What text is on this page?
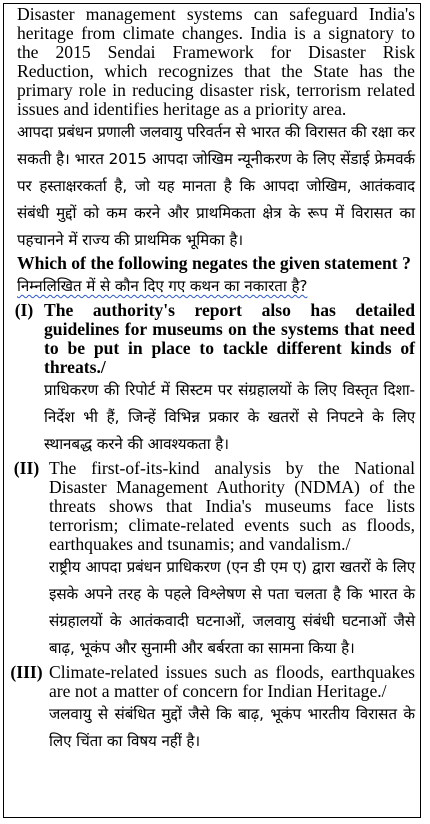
Disaster management systems can safeguard India's heritage from climate changes. India is a signatory to the 2015 Sendai Framework for Disaster Risk Reduction, which recognizes that the State has the primary role in reducing disaster risk, terrorism related issues and identifies heritage as a priority area.

आपदा प्रबंधन प्रणाली जलवायु परिवर्तन से भारत की विरासत की रक्षा कर सकती है। भारत 2015 आपदा जोखिम न्यूनीकरण के लिए सेंडाई फ्रेमवर्क पर हस्ताक्षरकर्ता है, जो यह मानता है कि आपदा जोखिम, आतंकवाद संबंधी मुद्दों को कम करने और प्राथमिकता क्षेत्र के रूप में विरासत का पहचानने में राज्य की प्राथमिक भूमिका है।

Which of the following negates the given statement ?

निम्नलिखित में से कौन दिए गए कथन का नकारता है?

(I) The authority's report also has detailed guidelines for museums on the systems that need to be put in place to tackle different kinds of threats./
प्राधिकरण की रिपोर्ट में सिस्टम पर संग्रहालयों के लिए विस्तृत दिशा-निर्देश भी हैं, जिन्हें विभिन्न प्रकार के खतरों से निपटने के लिए स्थानबद्ध करने की आवश्यकता है।
(II) The first-of-its-kind analysis by the National Disaster Management Authority (NDMA) of the threats shows that India's museums face lists terrorism; climate-related events such as floods, earthquakes and tsunamis; and vandalism./
राष्ट्रीय आपदा प्रबंधन प्राधिकरण (एन डी एम ए) द्वारा खतरों के लिए इसके अपने तरह के पहले विश्लेषण से पता चलता है कि भारत के संग्रहालयों के आतंकवादी घटनाओं, जलवायु संबंधी घटनाओं जैसे बाढ़, भूकंप और सुनामी और बर्बरता का सामना किया है।
(III) Climate-related issues such as floods, earthquakes are not a matter of concern for Indian Heritage./
जलवायु से संबंधित मुद्दों जैसे कि बाढ़, भूकंप भारतीय विरासत के लिए चिंता का विषय नहीं है।
